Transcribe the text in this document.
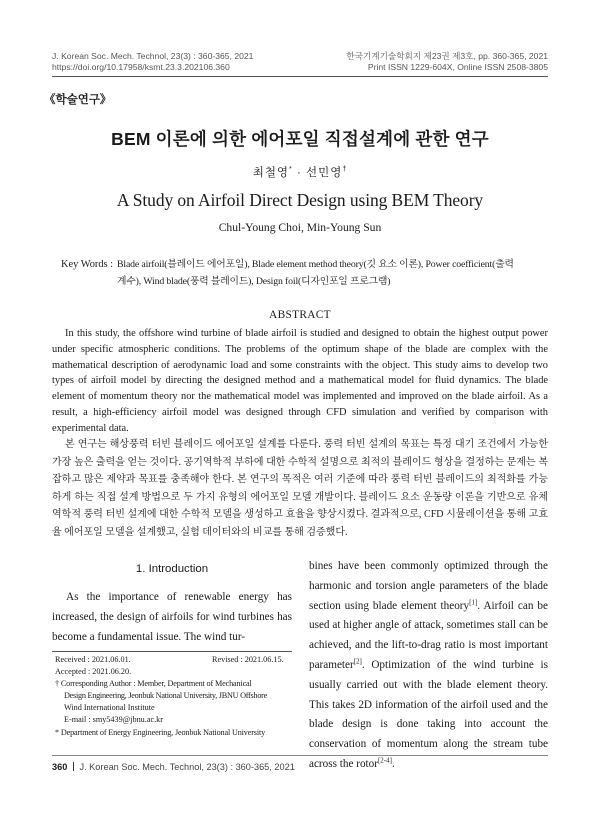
J. Korean Soc. Mech. Technol, 23(3) : 360-365, 2021
https://doi.org/10.17958/ksmt.23.3.202106.360
한국기계기술학회지 제23권 제3호, pp. 360-365, 2021
Print ISSN 1229-604X, Online ISSN 2508-3805
《학술연구》
BEM 이론에 의한 에어포일 직접설계에 관한 연구
최철영* · 선민영†
A Study on Airfoil Direct Design using BEM Theory
Chul-Young Choi, Min-Young Sun
Key Words : Blade airfoil(블레이드 에어포일), Blade element method theory(깃 요소 이론), Power coefficient(출력
계수), Wind blade(풍력 블레이드), Design foil(디자인포일 프로그램)
ABSTRACT
In this study, the offshore wind turbine of blade airfoil is studied and designed to obtain the highest output power under specific atmospheric conditions. The problems of the optimum shape of the blade are complex with the mathematical description of aerodynamic load and some constraints with the object. This study aims to develop two types of airfoil model by directing the designed method and a mathematical model for fluid dynamics. The blade element of momentum theory nor the mathematical model was implemented and improved on the blade airfoil. As a result, a high-efficiency airfoil model was designed through CFD simulation and verified by comparison with experimental data.
본 연구는 해상풍력 터빈 블레이드 에어포일 설계를 다룬다. 풍력 터빈 설계의 목표는 특정 대기 조건에서 가능한 가장 높은 출력을 얻는 것이다. 공기역학적 부하에 대한 수학적 설명으로 최적의 블레이드 형상을 결정하는 문제는 복잡하고 많은 제약과 목표를 충족해야 한다. 본 연구의 목적은 여러 기준에 따라 풍력 터빈 블레이드의 최적화를 가능하게 하는 직접 설계 방법으로 두 가지 유형의 에어포일 모델 개발이다. 블레이드 요소 운동량 이론을 기반으로 유체역학적 풍력 터빈 설계에 대한 수학적 모델을 생성하고 효율을 향상시켰다. 결과적으로, CFD 시뮬레이션을 통해 고효율 에어포일 모델을 설계했고, 실험 데이터와의 비교를 통해 검증했다.
1. Introduction
As the importance of renewable energy has increased, the design of airfoils for wind turbines has become a fundamental issue. The wind tur-
Received : 2021.06.01.	Revised : 2021.06.15.
Accepted : 2021.06.20.
† Corresponding Author : Member, Department of Mechanical
Design Engineering, Jeonbuk National University, JBNU Offshore
Wind International Institute
E-mail : smy5439@jbnu.ac.kr
* Department of Energy Engineering, Jeonbuk National University
bines have been commonly optimized through the harmonic and torsion angle parameters of the blade section using blade element theory[1]. Airfoil can be used at higher angle of attack, sometimes stall can be achieved, and the lift-to-drag ratio is most important parameter[2]. Optimization of the wind turbine is usually carried out with the blade element theory. This takes 2D information of the airfoil used and the blade design is done taking into account the conservation of momentum along the stream tube across the rotor[2-4].
360 J. Korean Soc. Mech. Technol, 23(3) : 360-365, 2021
